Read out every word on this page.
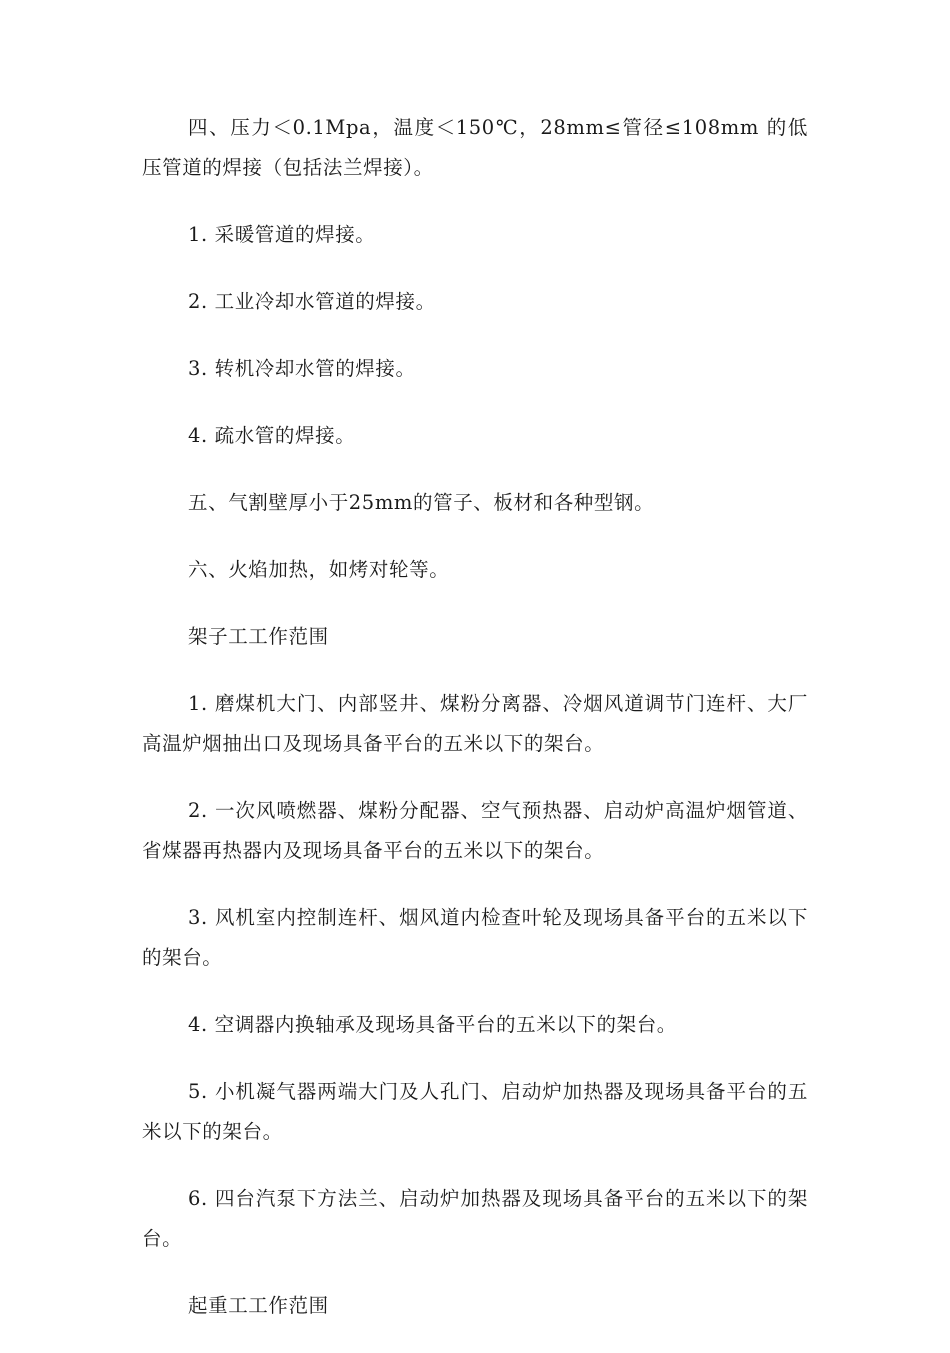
四、压力＜0.1Mpa，温度＜150℃，28mm≤管径≤108mm 的低压管道的焊接（包括法兰焊接）。

1. 采暖管道的焊接。

2. 工业冷却水管道的焊接。

3. 转机冷却水管的焊接。

4. 疏水管的焊接。

五、气割壁厚小于25mm的管子、板材和各种型钢。

六、火焰加热，如烤对轮等。

架子工工作范围

1. 磨煤机大门、内部竖井、煤粉分离器、冷烟风道调节门连杆、大厂高温炉烟抽出口及现场具备平台的五米以下的架台。

2. 一次风喷燃器、煤粉分配器、空气预热器、启动炉高温炉烟管道、省煤器再热器内及现场具备平台的五米以下的架台。

3. 风机室内控制连杆、烟风道内检查叶轮及现场具备平台的五米以下的架台。

4. 空调器内换轴承及现场具备平台的五米以下的架台。

5. 小机凝气器两端大门及人孔门、启动炉加热器及现场具备平台的五米以下的架台。

6. 四台汽泵下方法兰、启动炉加热器及现场具备平台的五米以下的架台。

起重工工作范围
